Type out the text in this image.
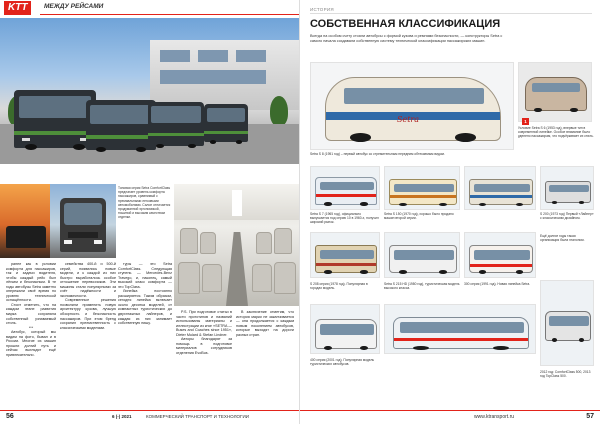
KTT	МЕЖДУ РЕЙСАМИ
Топовая серия Setra ComfortClass предлагает уровень комфорта пассажиров, сравнимый с премиальными легковыми автомобилями. Салон отличается продуманной эргономикой, тишиной и высоким качеством отделки.

ранее как в условии комфорта для пассажиров, так и задачи водителя, чтобы каждый рейс был лёгким и безопасным. В те годы автобусы Setra заметно опережали своё время по уровню технической оснащённости.

Стоит отметить, что на каждом этапе развития марка сохраняла собственный узнаваемый стиль.

***

Автобус, который мы видим на фото, бывал и в России. Многие из машин прошли долгий путь и сейчас выглядят ещё привлекательно.

семейства 400-й и 500-й серий, появились новые модели, и к каждой из них быстро выработалось особое отношение перевозчиков. Эти машины стали популярными за счёт надёжности и экономичности.

Современные решения позволили применить новую архитектуру кузова, лучшую обзорность и безопасность пассажиров. При этом бренд сохранил преемственность с классическими моделями.

туры — это Setra ComfortClass. Следующая ступень — Mercedes-Benz Travego, и, наконец, самый высокий класс комфорта — это TopClass.

Линейка постоянно расширяется. Таким образом, сегодня линейка включает около десятка моделей, от компактных туристических до двухэтажных лайнеров, и каждая из них занимает собственную нишу.

P.S. При подготовке статьи в части прототипов и названий использованы материалы и иллюстрации из книг «SETRA — Buses and Coaches since 1951», Dieter Mulard & Stefan Lindner.

Авторы благодарят за помощь в подготовке материалов сотрудников отделения EvoBus.

В заключение отметим, что история марки не заканчивается — она продолжается с каждым новым поколением автобусов, которые выходят на дороги разных стран.

56	6 (-) 2021	КОММЕРЧЕСКИЙ ТРАНСПОРТ И ТЕХНОЛОГИИ
ИСТОРИЯ
СОБСТВЕННАЯ КЛАССИФИКАЦИЯ
Всегда на особом счету стояли автобусы с формой кузова и ремнями безопасности, — конструкторы Setra с самого начала создавали собственную систему технической классификации пассажирских машин.
Setra
Setra S 8 (1951 год) – первый автобус со стремительным передним обтекаемым видом.
1
Условие Setra S 6 (1953 год), впервые тип в современной линейке. Особое внимание было уделено пассажирам, что подчёркивает их стиль.
Setra S 7 (1965 год), официально выпускается под серию 10 в 1960-х, получил широкий рынок.
Setra S 150 (1970 год), хорошо было продано машин второй серии.
S 200 (1973 год) Первый «Лайнер» с классическим дизайном.
Ещё долгие годы такая организация была эталоном.
S 208 серия (1978 год). Популярная в городах модель.
Setra S 215 HD (1980 год), туристическая модель высокого класса.
300 серия (1991 год). Новая линейка Setra.
400 серия (2001 год). Популярная модель туристических автобусов.
2012 год: ComfortClass 500, 2013 год TopClass 500.
www.ktransport.ru	57
